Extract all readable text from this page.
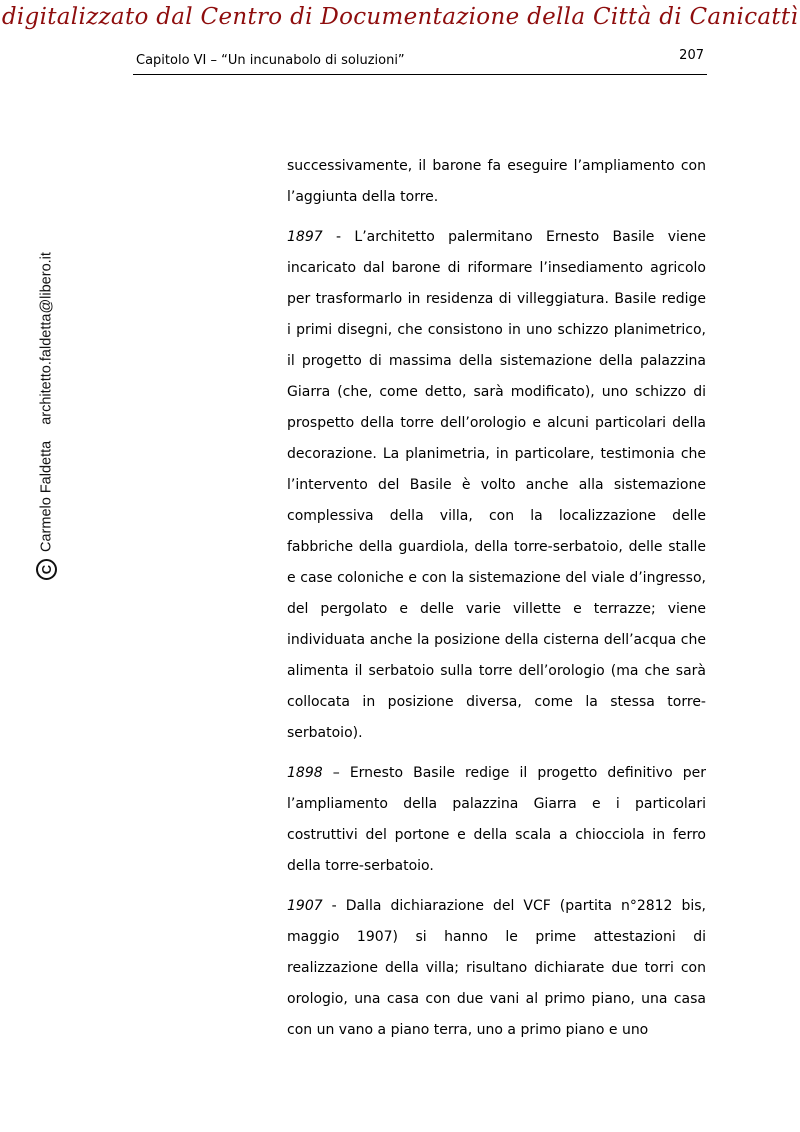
digitalizzato dal Centro di Documentazione della Città di Canicattì
Capitolo VI – “Un incunabolo di soluzioni”	207
CCarmelo Faldettaarchitetto.faldetta@libero.it

successivamente, il barone fa eseguire l’ampliamento con l’aggiunta della torre.

1897 - L’architetto palermitano Ernesto Basile viene incaricato dal barone di riformare l’insediamento agricolo per trasformarlo in residenza di villeggiatura. Basile redige i primi disegni, che consistono in uno schizzo planimetrico, il progetto di massima della sistemazione della palazzina Giarra (che, come detto, sarà modificato), uno schizzo di prospetto della torre dell’orologio e alcuni particolari della decorazione. La planimetria, in particolare, testimonia che l’intervento del Basile è volto anche alla sistemazione complessiva della villa, con la localizzazione delle fabbriche della guardiola, della torre-serbatoio, delle stalle e case coloniche e con la sistemazione del viale d’ingresso, del pergolato e delle varie villette e terrazze; viene individuata anche la posizione della cisterna dell’acqua che alimenta il serbatoio sulla torre dell’orologio (ma che sarà collocata in posizione diversa, come la stessa torre-serbatoio).

1898 – Ernesto Basile redige il progetto definitivo per l’ampliamento della palazzina Giarra e i particolari costruttivi del portone e della scala a chiocciola in ferro della torre-serbatoio.

1907 - Dalla dichiarazione del VCF (partita n°2812 bis, maggio 1907) si hanno le prime attestazioni di realizzazione della villa; risultano dichiarate due torri con orologio, una casa con due vani al primo piano, una casa con un vano a piano terra, uno a primo piano e uno
